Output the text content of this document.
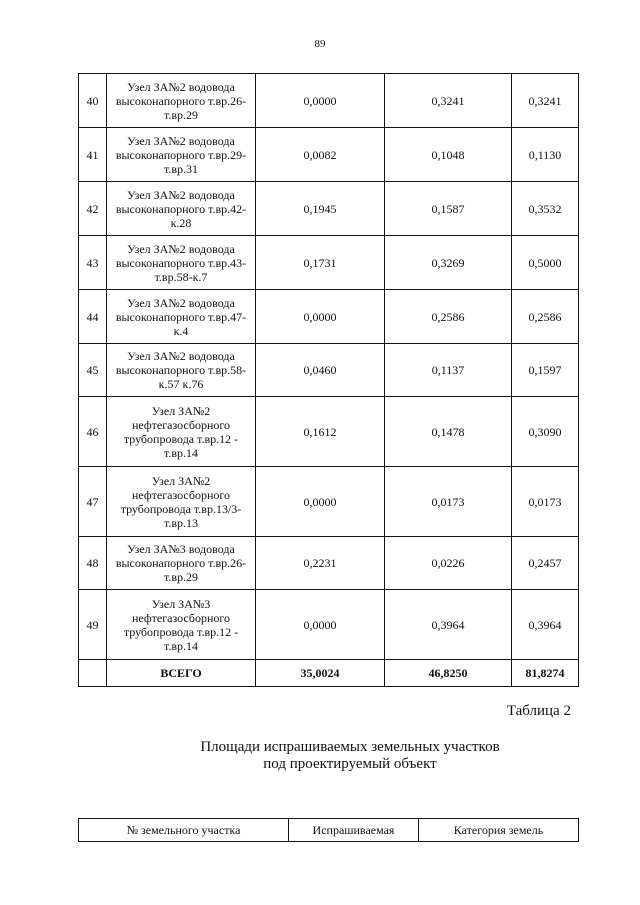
89
40	Узел ЗА№2 водовода высоконапорного т.вр.26-т.вр.29	0,0000	0,3241	0,3241
41	Узел ЗА№2 водовода высоконапорного т.вр.29-т.вр.31	0,0082	0,1048	0,1130
42	Узел ЗА№2 водовода высоконапорного т.вр.42-к.28	0,1945	0,1587	0,3532
43	Узел ЗА№2 водовода высоконапорного т.вр.43-т.вр.58-к.7	0,1731	0,3269	0,5000
44	Узел ЗА№2 водовода высоконапорного т.вр.47-к.4	0,0000	0,2586	0,2586
45	Узел ЗА№2 водовода высоконапорного т.вр.58-к.57 к.76	0,0460	0,1137	0,1597
46	Узел ЗА№2 нефтегазосборного трубопровода т.вр.12 - т.вр.14	0,1612	0,1478	0,3090
47	Узел ЗА№2 нефтегазосборного трубопровода т.вр.13/3-т.вр.13	0,0000	0,0173	0,0173
48	Узел ЗА№3 водовода высоконапорного т.вр.26-т.вр.29	0,2231	0,0226	0,2457
49	Узел ЗА№3 нефтегазосборного трубопровода т.вр.12 - т.вр.14	0,0000	0,3964	0,3964
	ВСЕГО	35,0024	46,8250	81,8274
Таблица 2
Площади испрашиваемых земельных участков
под проектируемый объект
№ земельного участка	Испрашиваемая	Категория земель
